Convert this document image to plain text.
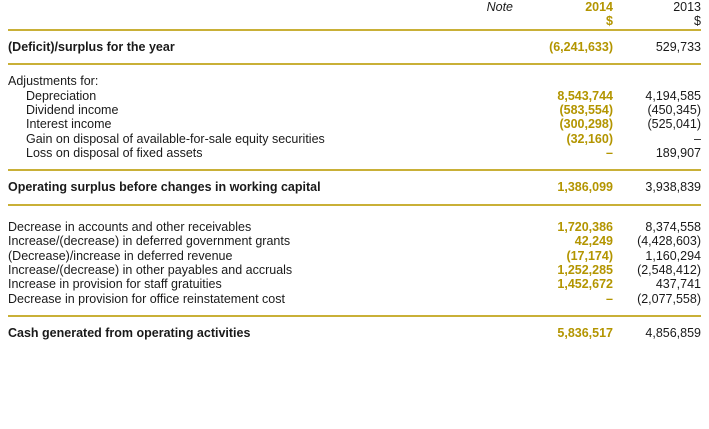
	Note	2014	2013
		$	$

(Deficit)/surplus for the year		(6,241,633)	529,733

Adjustments for:			
Depreciation		8,543,744	4,194,585
Dividend income		(583,554)	(450,345)
Interest income		(300,298)	(525,041)
Gain on disposal of available-for-sale equity securities		(32,160)	–
Loss on disposal of fixed assets		–	189,907

Operating surplus before changes in working capital		1,386,099	3,938,839

Decrease in accounts and other receivables		1,720,386	8,374,558
Increase/(decrease) in deferred government grants		42,249	(4,428,603)
(Decrease)/increase in deferred revenue		(17,174)	1,160,294
Increase/(decrease) in other payables and accruals		1,252,285	(2,548,412)
Increase in provision for staff gratuities		1,452,672	437,741
Decrease in provision for office reinstatement cost		–	(2,077,558)

Cash generated from operating activities		5,836,517	4,856,859
